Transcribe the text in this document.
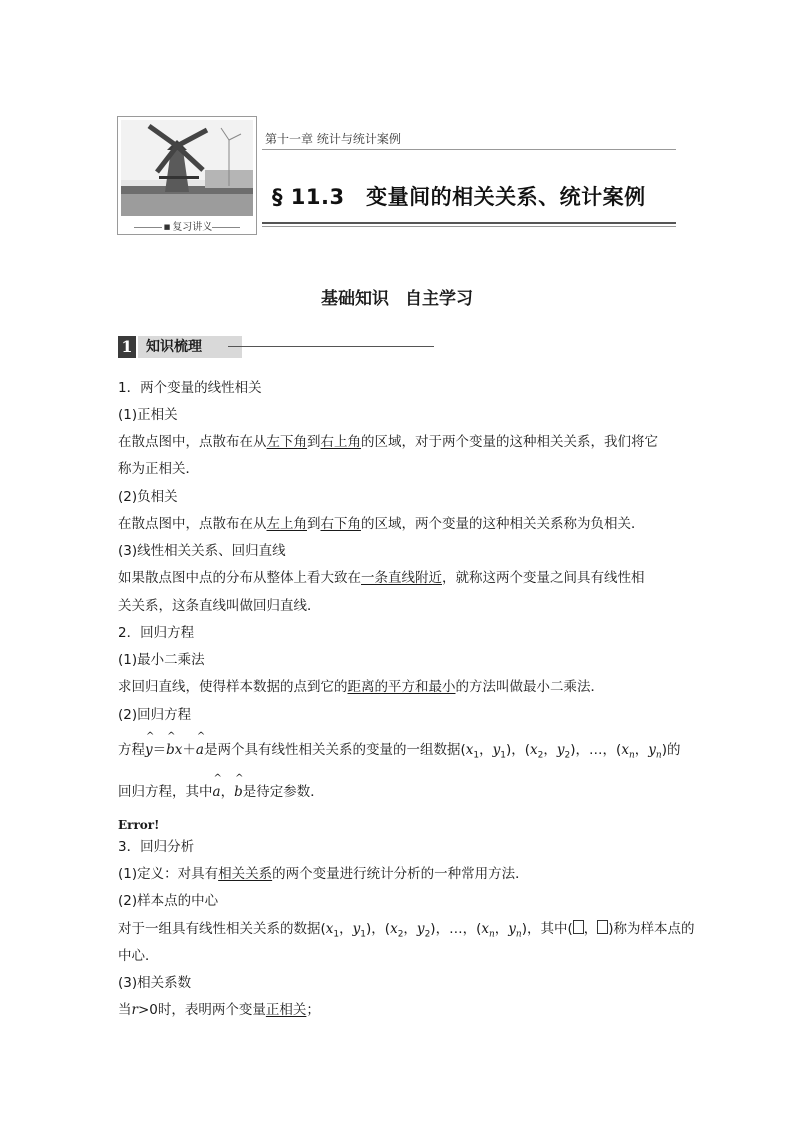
■ 复习讲义
第十一章 统计与统计案例
§ 11.3　变量间的相关关系、统计案例
基础知识 自主学习
1 知识梳理
1．两个变量的线性相关
(1)正相关
在散点图中，点散布在从左下角到右上角的区域，对于两个变量的这种相关关系，我们将它
称为正相关．
(2)负相关
在散点图中，点散布在从左上角到右下角的区域，两个变量的这种相关关系称为负相关．
(3)线性相关关系、回归直线
如果散点图中点的分布从整体上看大致在一条直线附近，就称这两个变量之间具有线性相
关关系，这条直线叫做回归直线．
2．回归方程
(1)最小二乘法
求回归直线，使得样本数据的点到它的距离的平方和最小的方法叫做最小二乘法．
(2)回归方程
方程^ y＝^ bx＋^ a是两个具有线性相关关系的变量的一组数据($x_1$，$y_1$)，($x_2$，$y_2$)，…，($x_n$，$y_n$)的
回归方程，其中^ a，^ b是待定参数．
Error!
3．回归分析
(1)定义：对具有相关关系的两个变量进行统计分析的一种常用方法．
(2)样本点的中心
对于一组具有线性相关关系的数据($x_1$，$y_1$)，($x_2$，$y_2$)，…，($x_n$，$y_n$)，其中( ， )称为样本点的
中心．
(3)相关系数
当r>0时，表明两个变量正相关；
